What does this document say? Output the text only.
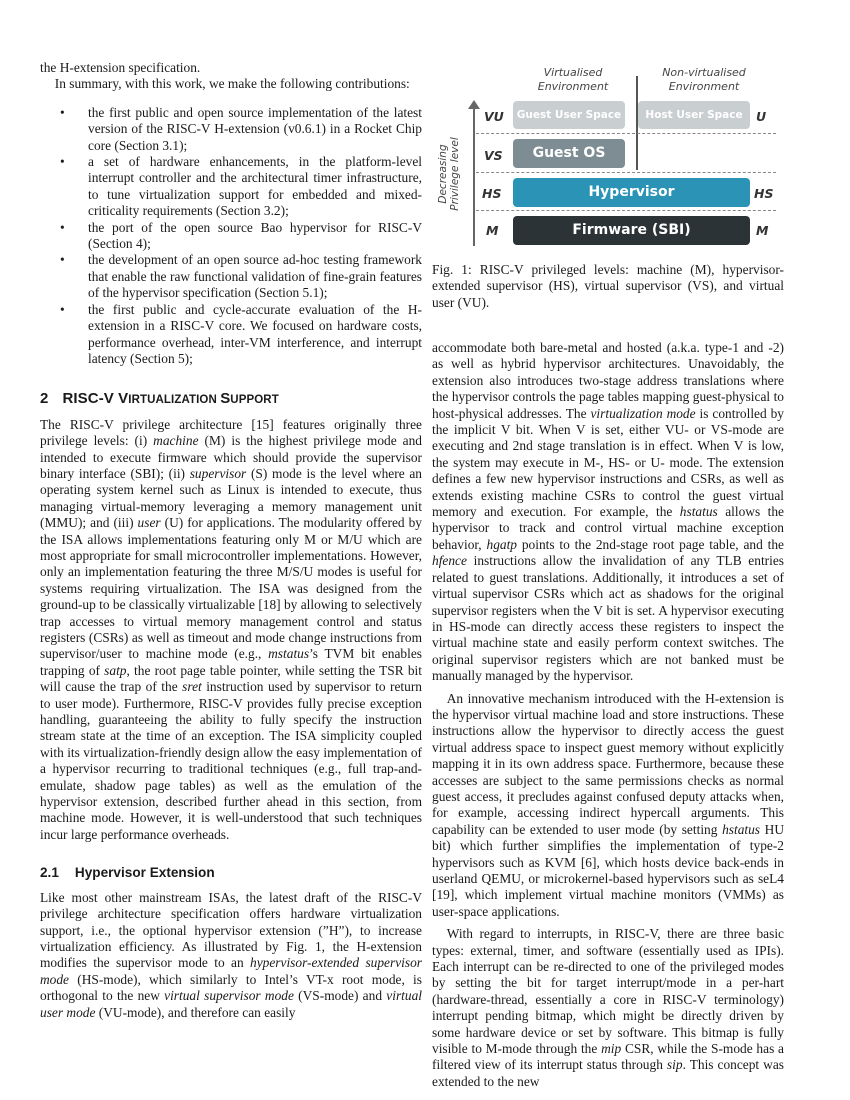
the H-extension specification.

In summary, with this work, we make the following contributions:

• the first public and open source implementation of the latest version of the RISC-V H-extension (v0.6.1) in a Rocket Chip core (Section 3.1);
• a set of hardware enhancements, in the platform-level interrupt controller and the architectural timer infrastructure, to tune virtualization support for embedded and mixed-criticality requirements (Section 3.2);
• the port of the open source Bao hypervisor for RISC-V (Section 4);
• the development of an open source ad-hoc testing framework that enable the raw functional validation of fine-grain features of the hypervisor specification (Section 5.1);
• the first public and cycle-accurate evaluation of the H-extension in a RISC-V core. We focused on hardware costs, performance overhead, inter-VM interference, and interrupt latency (Section 5);
2 RISC-V VIRTUALIZATION SUPPORT

The RISC-V privilege architecture [15] features originally three privilege levels: (i) machine (M) is the highest privilege mode and intended to execute firmware which should provide the supervisor binary interface (SBI); (ii) supervisor (S) mode is the level where an operating system kernel such as Linux is intended to execute, thus managing virtual-memory leveraging a memory management unit (MMU); and (iii) user (U) for applications. The modularity offered by the ISA allows implementations featuring only M or M/U which are most appropriate for small microcontroller implementations. However, only an implementation featuring the three M/S/U modes is useful for systems requiring virtualization. The ISA was designed from the ground-up to be classically virtualizable [18] by allowing to selectively trap accesses to virtual memory management control and status registers (CSRs) as well as timeout and mode change instructions from supervisor/user to machine mode (e.g., mstatus’s TVM bit enables trapping of satp, the root page table pointer, while setting the TSR bit will cause the trap of the sret instruction used by supervisor to return to user mode). Furthermore, RISC-V provides fully precise exception handling, guaranteeing the ability to fully specify the instruction stream state at the time of an exception. The ISA simplicity coupled with its virtualization-friendly design allow the easy implementation of a hypervisor recurring to traditional techniques (e.g., full trap-and-emulate, shadow page tables) as well as the emulation of the hypervisor extension, described further ahead in this section, from machine mode. However, it is well-understood that such techniques incur large performance overheads.

2.1 Hypervisor Extension

Like most other mainstream ISAs, the latest draft of the RISC-V privilege architecture specification offers hardware virtualization support, i.e., the optional hypervisor extension (”H”), to increase virtualization efficiency. As illustrated by Fig. 1, the H-extension modifies the supervisor mode to an hypervisor-extended supervisor mode (HS-mode), which similarly to Intel’s VT-x root mode, is orthogonal to the new virtual supervisor mode (VS-mode) and virtual user mode (VU-mode), and therefore can easily

Virtualised Environment
Non-virtualised Environment
Decreasing Privilege level
VU
VS
HS
M
U
HS
M
Guest User Space	Host User Space
Guest OS
Hypervisor
Firmware (SBI)

Fig. 1: RISC-V privileged levels: machine (M), hypervisor-extended supervisor (HS), virtual supervisor (VS), and virtual user (VU).

accommodate both bare-metal and hosted (a.k.a. type-1 and -2) as well as hybrid hypervisor architectures. Unavoidably, the extension also introduces two-stage address translations where the hypervisor controls the page tables mapping guest-physical to host-physical addresses. The virtualization mode is controlled by the implicit V bit. When V is set, either VU- or VS-mode are executing and 2nd stage translation is in effect. When V is low, the system may execute in M-, HS- or U- mode. The extension defines a few new hypervisor instructions and CSRs, as well as extends existing machine CSRs to control the guest virtual memory and execution. For example, the hstatus allows the hypervisor to track and control virtual machine exception behavior, hgatp points to the 2nd-stage root page table, and the hfence instructions allow the invalidation of any TLB entries related to guest translations. Additionally, it introduces a set of virtual supervisor CSRs which act as shadows for the original supervisor registers when the V bit is set. A hypervisor executing in HS-mode can directly access these registers to inspect the virtual machine state and easily perform context switches. The original supervisor registers which are not banked must be manually managed by the hypervisor.

An innovative mechanism introduced with the H-extension is the hypervisor virtual machine load and store instructions. These instructions allow the hypervisor to directly access the guest virtual address space to inspect guest memory without explicitly mapping it in its own address space. Furthermore, because these accesses are subject to the same permissions checks as normal guest access, it precludes against confused deputy attacks when, for example, accessing indirect hypercall arguments. This capability can be extended to user mode (by setting hstatus HU bit) which further simplifies the implementation of type-2 hypervisors such as KVM [6], which hosts device back-ends in userland QEMU, or microkernel-based hypervisors such as seL4 [19], which implement virtual machine monitors (VMMs) as user-space applications.

With regard to interrupts, in RISC-V, there are three basic types: external, timer, and software (essentially used as IPIs). Each interrupt can be re-directed to one of the privileged modes by setting the bit for target interrupt/mode in a per-hart (hardware-thread, essentially a core in RISC-V terminology) interrupt pending bitmap, which might be directly driven by some hardware device or set by software. This bitmap is fully visible to M-mode through the mip CSR, while the S-mode has a filtered view of its interrupt status through sip. This concept was extended to the new
